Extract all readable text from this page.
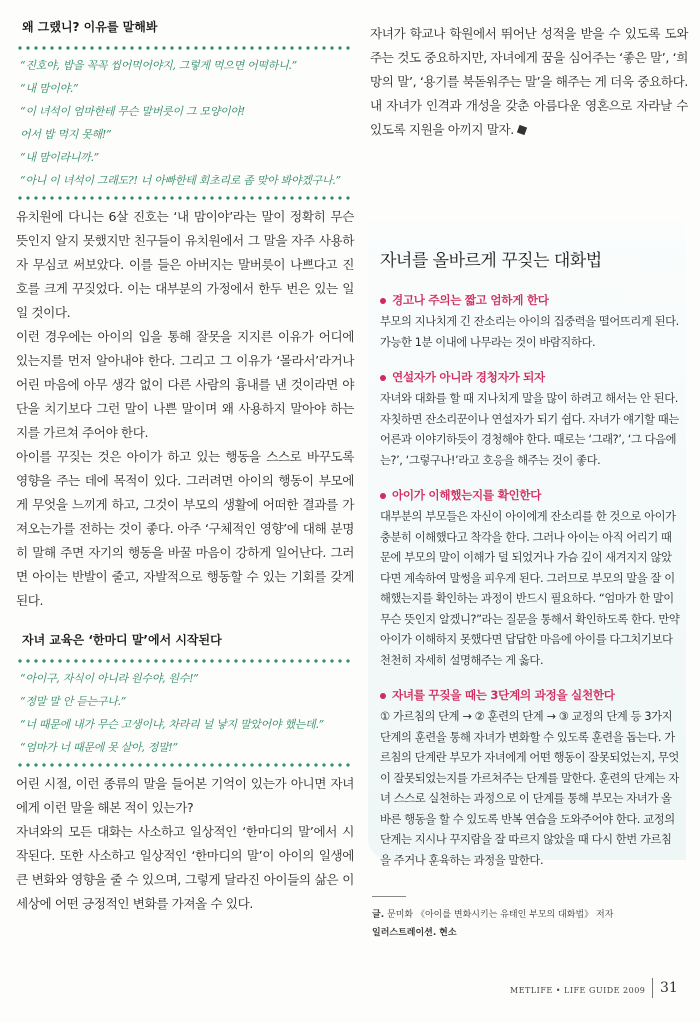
왜 그랬니? 이유를 말해봐

“진호야, 밥을 꼭꼭 씹어먹어야지, 그렇게 먹으면 어떡하니.”

“내 맘이야.”

“이 녀석이 엄마한테 무슨 말버릇이 그 모양이야!

어서 밥 먹지 못해!”

“내 맘이라니까.”

“아니 이 녀석이 그래도?! 너 아빠한테 회초리로 좀 맞아 봐야겠구나.”

유치원에 다니는 6살 진호는 ‘내 맘이야’라는 말이 정확히 무슨 뜻인지 알지 못했지만 친구들이 유치원에서 그 말을 자주 사용하자 무심코 써보았다. 이를 들은 아버지는 말버릇이 나쁘다고 진호를 크게 꾸짖었다. 이는 대부분의 가정에서 한두 번은 있는 일일 것이다.

이런 경우에는 아이의 입을 통해 잘못을 지지른 이유가 어디에 있는지를 먼저 알아내야 한다. 그리고 그 이유가 ‘몰라서’라거나 어린 마음에 아무 생각 없이 다른 사람의 흉내를 낸 것이라면 야단을 치기보다 그런 말이 나쁜 말이며 왜 사용하지 말아야 하는지를 가르쳐 주어야 한다.

아이를 꾸짖는 것은 아이가 하고 있는 행동을 스스로 바꾸도록 영향을 주는 데에 목적이 있다. 그러려면 아이의 행동이 부모에게 무엇을 느끼게 하고, 그것이 부모의 생활에 어떠한 결과를 가져오는가를 전하는 것이 좋다. 아주 ‘구체적인 영향’에 대해 분명히 말해 주면 자기의 행동을 바꿀 마음이 강하게 일어난다. 그러면 아이는 반발이 줄고, 자발적으로 행동할 수 있는 기회를 갖게 된다.

자녀 교육은 ‘한마디 말’에서 시작된다

“아이구, 자식이 아니라 원수야, 원수!”

“정말 말 안 듣는구나.”

“너 때문에 내가 무슨 고생이냐, 차라리 널 낳지 말았어야 했는데.”

“엄마가 너 때문에 못 살아, 정말!”

어린 시절, 이런 종류의 말을 들어본 기억이 있는가 아니면 자녀에게 이런 말을 해본 적이 있는가?

자녀와의 모든 대화는 사소하고 일상적인 ‘한마디의 말’에서 시작된다. 또한 사소하고 일상적인 ‘한마디의 말’이 아이의 일생에 큰 변화와 영향을 줄 수 있으며, 그렇게 달라진 아이들의 삶은 이 세상에 어떤 긍정적인 변화를 가져올 수 있다.

자녀가 학교나 학원에서 뛰어난 성적을 받을 수 있도록 도와주는 것도 중요하지만, 자녀에게 꿈을 심어주는 ‘좋은 말’, ‘희망의 말’, ‘용기를 북돋워주는 말’을 해주는 게 더욱 중요하다. 내 자녀가 인격과 개성을 갖춘 아름다운 영혼으로 자라날 수 있도록 지원을 아끼지 말자.

자녀를 올바르게 꾸짖는 대화법

경고나 주의는 짧고 엄하게 한다

부모의 지나치게 긴 잔소리는 아이의 집중력을 떨어뜨리게 된다. 가능한 1분 이내에 나무라는 것이 바람직하다.

연설자가 아니라 경청자가 되자

자녀와 대화를 할 때 지나치게 말을 많이 하려고 해서는 안 된다. 자칫하면 잔소리꾼이나 연설자가 되기 쉽다. 자녀가 얘기할 때는 어른과 이야기하듯이 경청해야 한다. 때로는 ‘그래?’, ‘그 다음에는?’, ‘그렇구나!’라고 호응을 해주는 것이 좋다.

아이가 이해했는지를 확인한다

대부분의 부모들은 자신이 아이에게 잔소리를 한 것으로 아이가 충분히 이해했다고 착각을 한다. 그러나 아이는 아직 어리기 때문에 부모의 말이 이해가 덜 되었거나 가슴 깊이 새겨지지 않았다면 계속하여 말썽을 피우게 된다. 그러므로 부모의 말을 잘 이해했는지를 확인하는 과정이 반드시 필요하다. “엄마가 한 말이 무슨 뜻인지 알겠니?”라는 질문을 통해서 확인하도록 한다. 만약 아이가 이해하지 못했다면 답답한 마음에 아이를 다그치기보다 천천히 자세히 설명해주는 게 옳다.

자녀를 꾸짖을 때는 3단계의 과정을 실천한다

① 가르침의 단계 → ② 훈련의 단계 → ③ 교정의 단계 등 3가지 단계의 훈련을 통해 자녀가 변화할 수 있도록 훈련을 돕는다. 가르침의 단계란 부모가 자녀에게 어떤 행동이 잘못되었는지, 무엇이 잘못되었는지를 가르쳐주는 단계를 말한다. 훈련의 단계는 자녀 스스로 실천하는 과정으로 이 단계를 통해 부모는 자녀가 올바른 행동을 할 수 있도록 반복 연습을 도와주어야 한다. 교정의 단계는 지시나 꾸지람을 잘 따르지 않았을 때 다시 한번 가르침을 주거나 훈육하는 과정을 말한다.

글. 문미화 《아이를 변화시키는 유태인 부모의 대화법》 저자
일러스트레이션. 현소
METLIFE • LIFE GUIDE 2009 31
